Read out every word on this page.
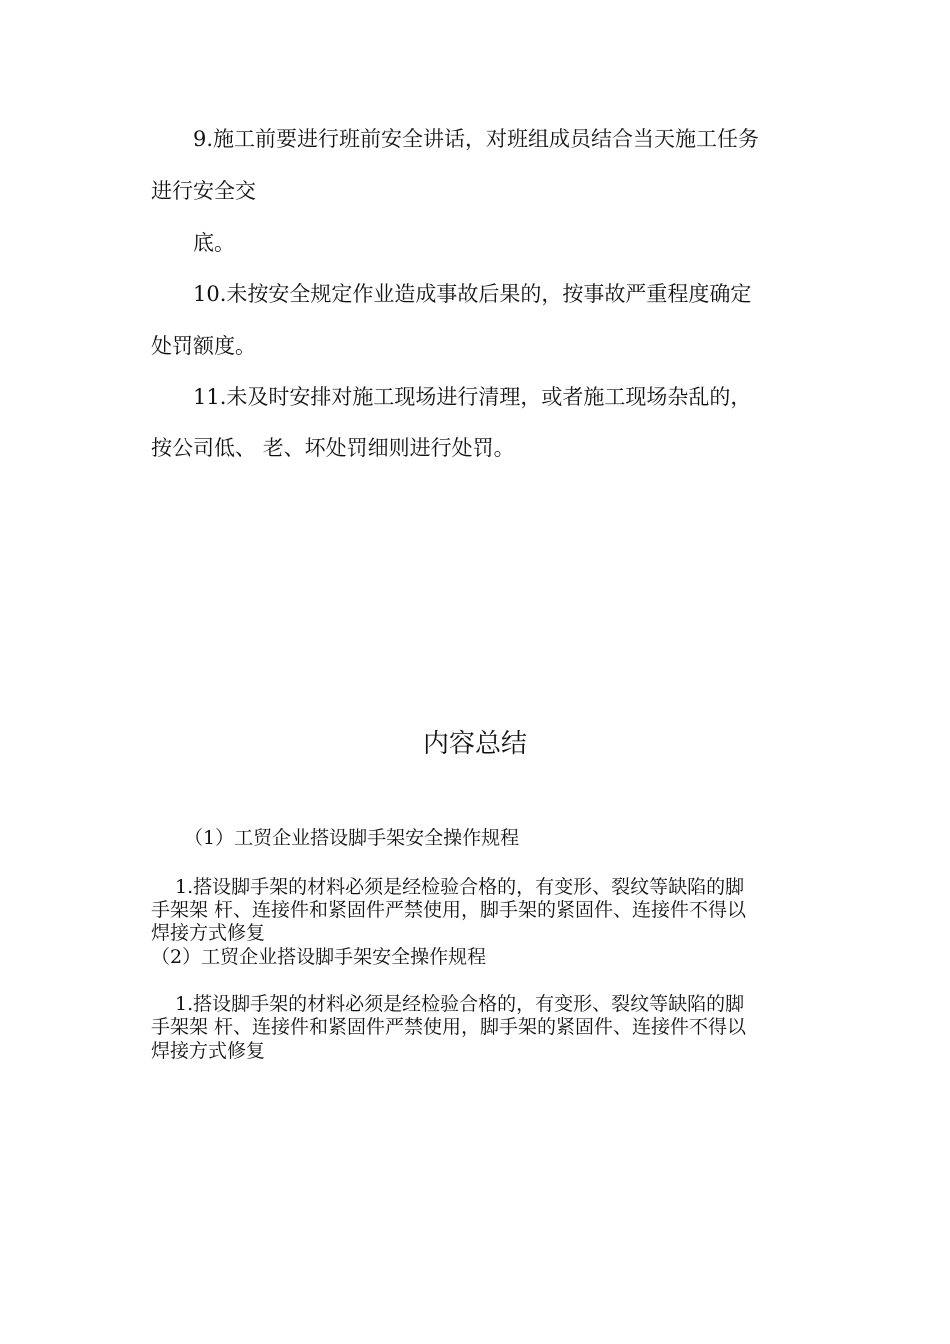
9.施工前要进行班前安全讲话，对班组成员结合当天施工任务
进行安全交
底。
10.未按安全规定作业造成事故后果的，按事故严重程度确定
处罚额度。
11.未及时安排对施工现场进行清理，或者施工现场杂乱的，
按公司低、 老、坏处罚细则进行处罚。
内容总结
（1）工贸企业搭设脚手架安全操作规程
1.搭设脚手架的材料必须是经检验合格的，有变形、裂纹等缺陷的脚
手架架 杆、连接件和紧固件严禁使用，脚手架的紧固件、连接件不得以
焊接方式修复
（2）工贸企业搭设脚手架安全操作规程
1.搭设脚手架的材料必须是经检验合格的，有变形、裂纹等缺陷的脚
手架架 杆、连接件和紧固件严禁使用，脚手架的紧固件、连接件不得以
焊接方式修复
